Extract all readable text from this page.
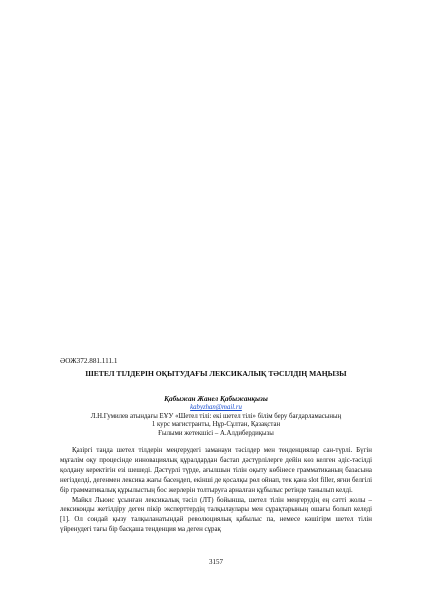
ӘОЖ372.881.111.1
ШЕТЕЛ ТІЛДЕРІН ОҚЫТУДАҒЫ ЛЕКСИКАЛЫҚ ТӘСІЛДІҢ МАҢЫЗЫ
Қабыжан Жанел Қабыжанқызы
kabyzhan@mail.ru
Л.Н.Гумилев атындағы ЕҰУ «Шетел тілі: екі шетел тілі» білім беру бағдарламасының
1 курс магистранты, Нұр-Сұлтан, Қазақстан
Ғылыми жетекшісі – А.Алдибердиқызы

Қазіргі таңда шетел тілдерін меңгерудегі заманауи тәсілдер мен тенденциялар сан-түрлі. Бүгін мұғалім оқу процесінде инновациялық құралдардан бастап дәстүрлілерге дейін көз келген әдіс-тәсілді қолдану керектігін езі шешеді. Дәстүрлі түрде, ағылшын тілін оқыту көбінесе грамматиканың базасына негізделді, дегенмен лексика жағы басеңдеп, екінші де қосалқы рөл ойнап, тек қана slot filler, яғни белгілі бір грамматикалық құрылыстың бос жерлерін толтыруға арналған құбылыс ретінде танылып келді.

Майкл Льюис ұсынған лексикалық тәсіл (ЛТ) бойынша, шетел тілін меңгерудің ең сәтті жолы – лексиконды жетілдіру деген пікір эксперттердің талқылаулары мен сұрақтарының ошағы болып келеді [1]. Ол сондай қызу талқыланатындай революциялық қабылыс па, немесе кәшігірм шетел тілін үйренудегі тағы бір басқаша тенденция ма деген сұрақ

3157
